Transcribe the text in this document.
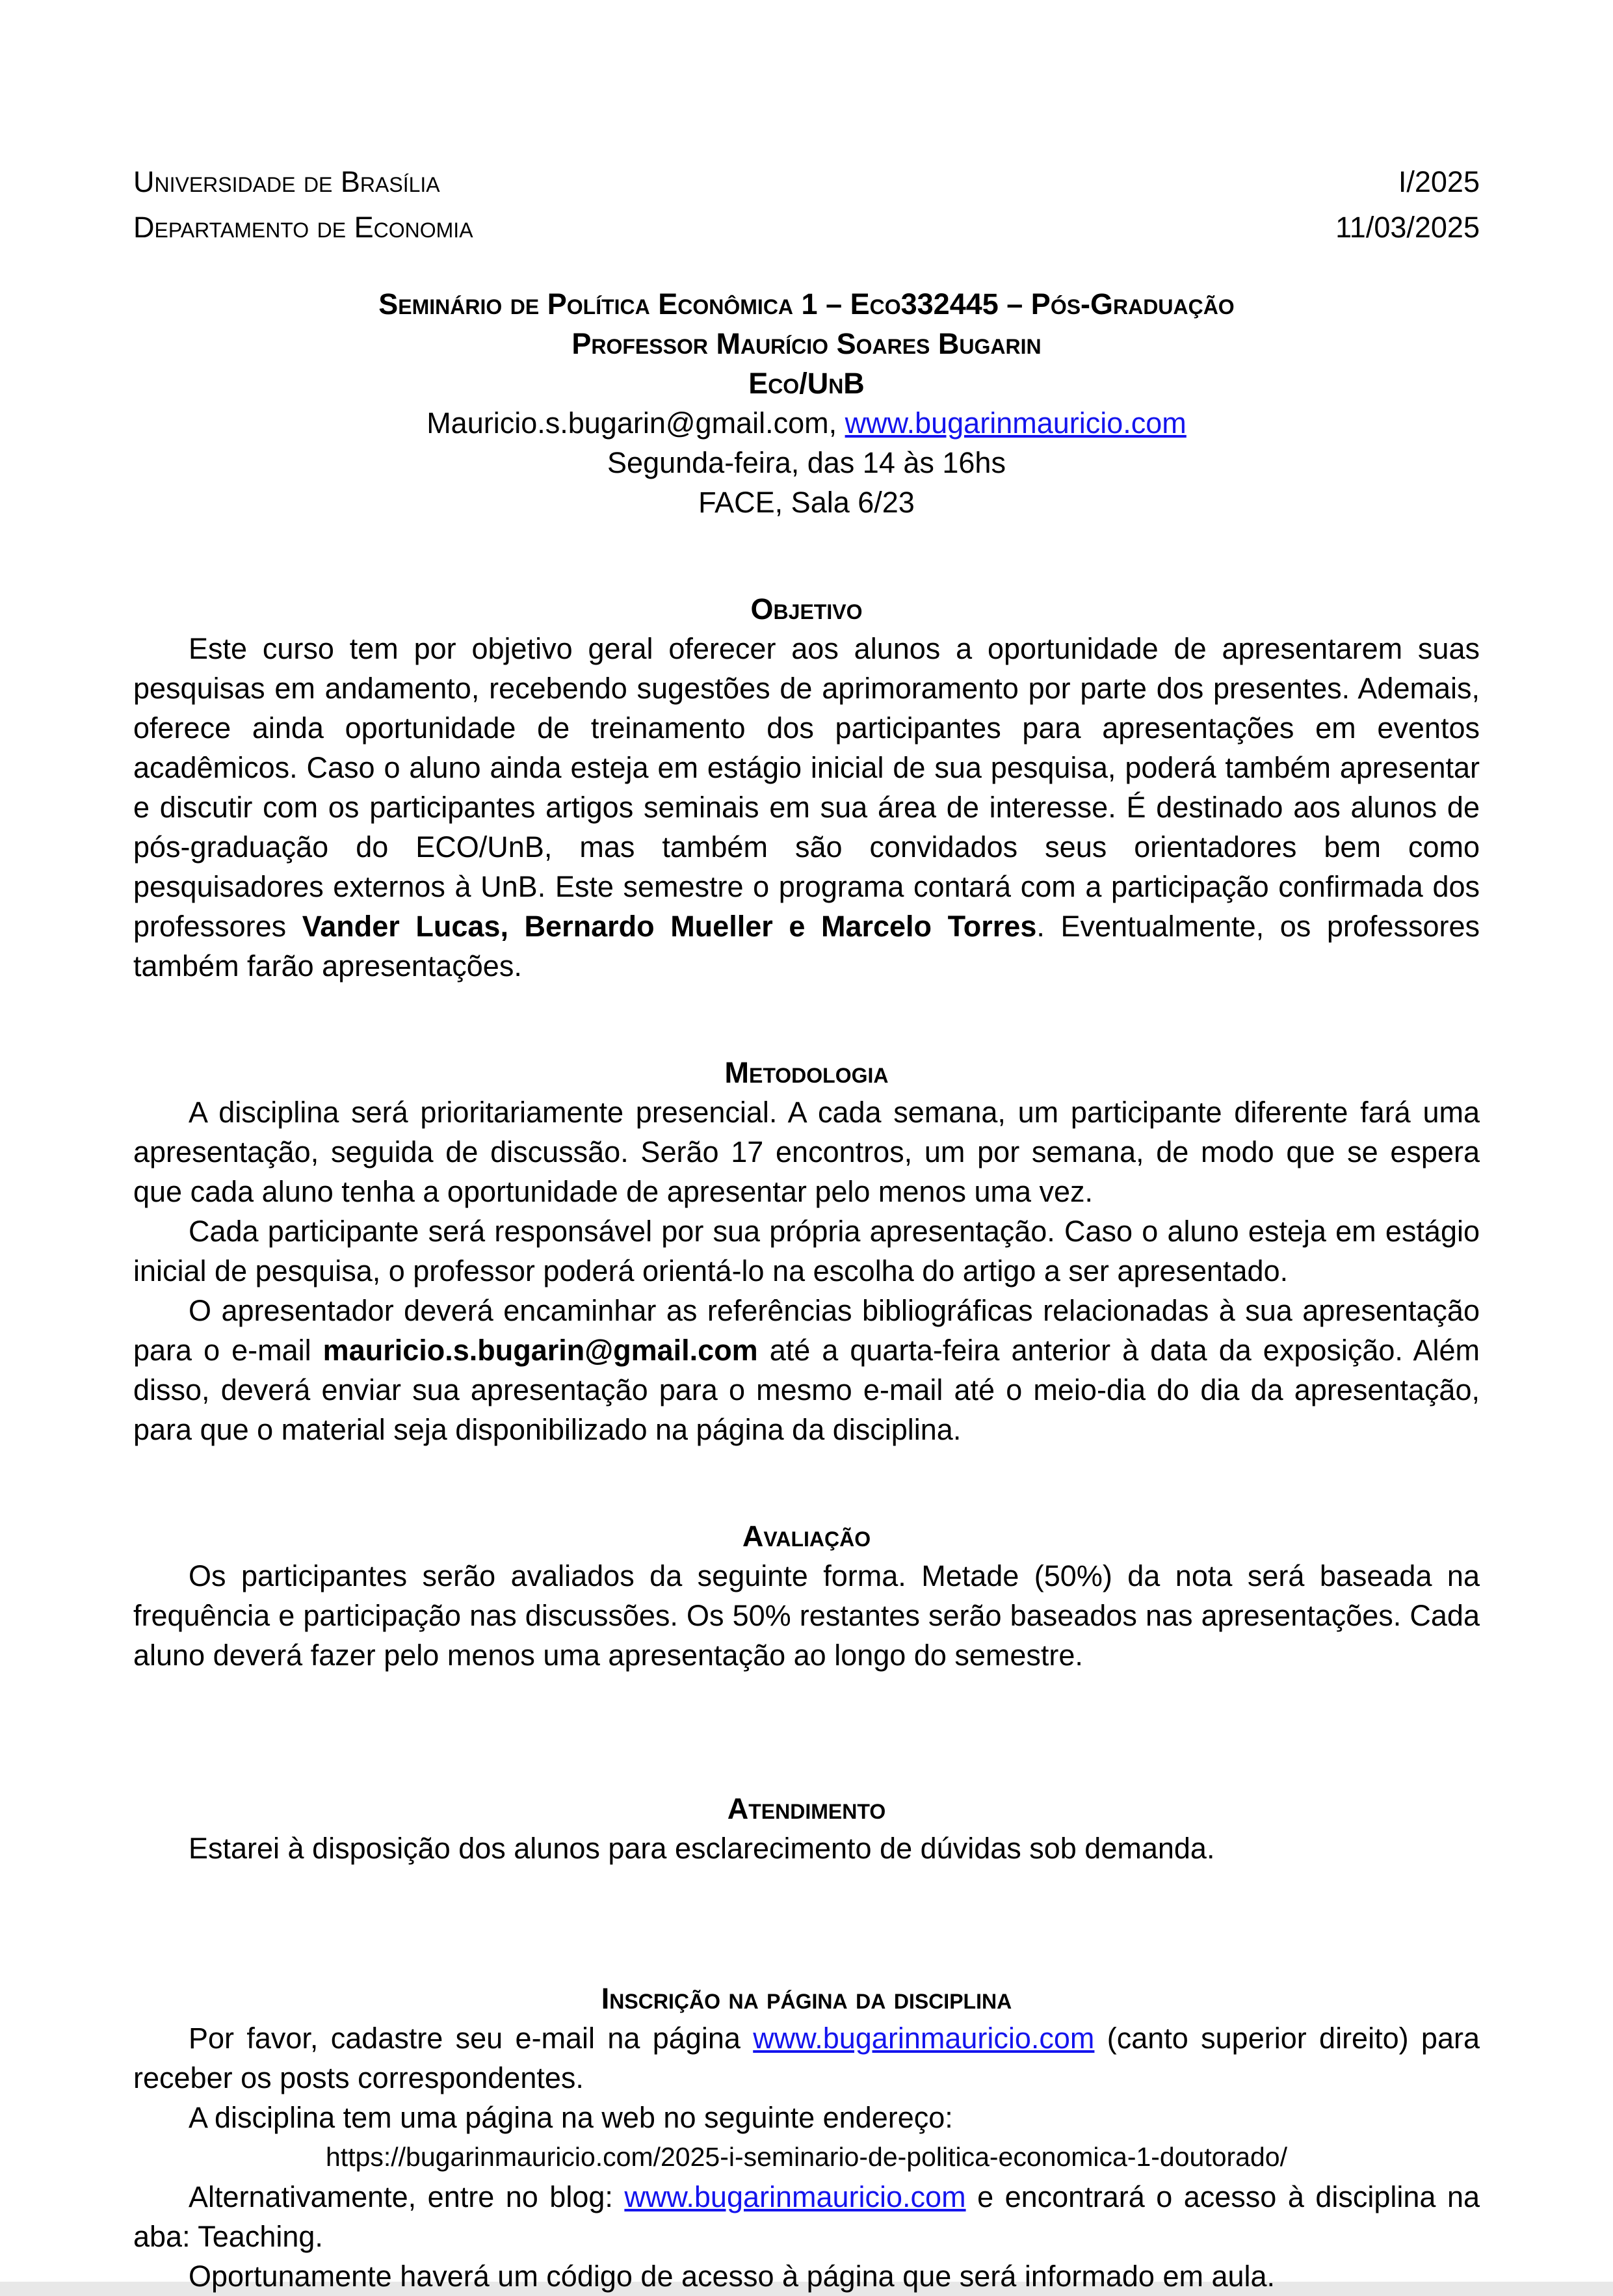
Universidade de Brasília
Departamento de Economia
I/2025
11/03/2025
Seminário de Política Econômica 1 – Eco332445 – Pós-Graduação
Professor Maurício Soares Bugarin
Eco/UnB
Mauricio.s.bugarin@gmail.com, www.bugarinmauricio.com
Segunda-feira, das 14 às 16hs
FACE, Sala 6/23
Objetivo

Este curso tem por objetivo geral oferecer aos alunos a oportunidade de apresentarem suas pesquisas em andamento, recebendo sugestões de aprimoramento por parte dos presentes. Ademais, oferece ainda oportunidade de treinamento dos participantes para apresentações em eventos acadêmicos. Caso o aluno ainda esteja em estágio inicial de sua pesquisa, poderá também apresentar e discutir com os participantes artigos seminais em sua área de interesse. É destinado aos alunos de pós-graduação do ECO/UnB, mas também são convidados seus orientadores bem como pesquisadores externos à UnB. Este semestre o programa contará com a participação confirmada dos professores Vander Lucas, Bernardo Mueller e Marcelo Torres. Eventualmente, os professores também farão apresentações.

Metodologia

A disciplina será prioritariamente presencial. A cada semana, um participante diferente fará uma apresentação, seguida de discussão. Serão 17 encontros, um por semana, de modo que se espera que cada aluno tenha a oportunidade de apresentar pelo menos uma vez.

Cada participante será responsável por sua própria apresentação. Caso o aluno esteja em estágio inicial de pesquisa, o professor poderá orientá-lo na escolha do artigo a ser apresentado.

O apresentador deverá encaminhar as referências bibliográficas relacionadas à sua apresentação para o e-mail mauricio.s.bugarin@gmail.com até a quarta-feira anterior à data da exposição. Além disso, deverá enviar sua apresentação para o mesmo e-mail até o meio-dia do dia da apresentação, para que o material seja disponibilizado na página da disciplina.

Avaliação

Os participantes serão avaliados da seguinte forma. Metade (50%) da nota será baseada na frequência e participação nas discussões. Os 50% restantes serão baseados nas apresentações. Cada aluno deverá fazer pelo menos uma apresentação ao longo do semestre.

Atendimento

Estarei à disposição dos alunos para esclarecimento de dúvidas sob demanda.

Inscrição na página da disciplina

Por favor, cadastre seu e-mail na página www.bugarinmauricio.com (canto superior direito) para receber os posts correspondentes.

A disciplina tem uma página na web no seguinte endereço:

https://bugarinmauricio.com/2025-i-seminario-de-politica-economica-1-doutorado/

Alternativamente, entre no blog: www.bugarinmauricio.com e encontrará o acesso à disciplina na aba: Teaching.

Oportunamente haverá um código de acesso à página que será informado em aula.
